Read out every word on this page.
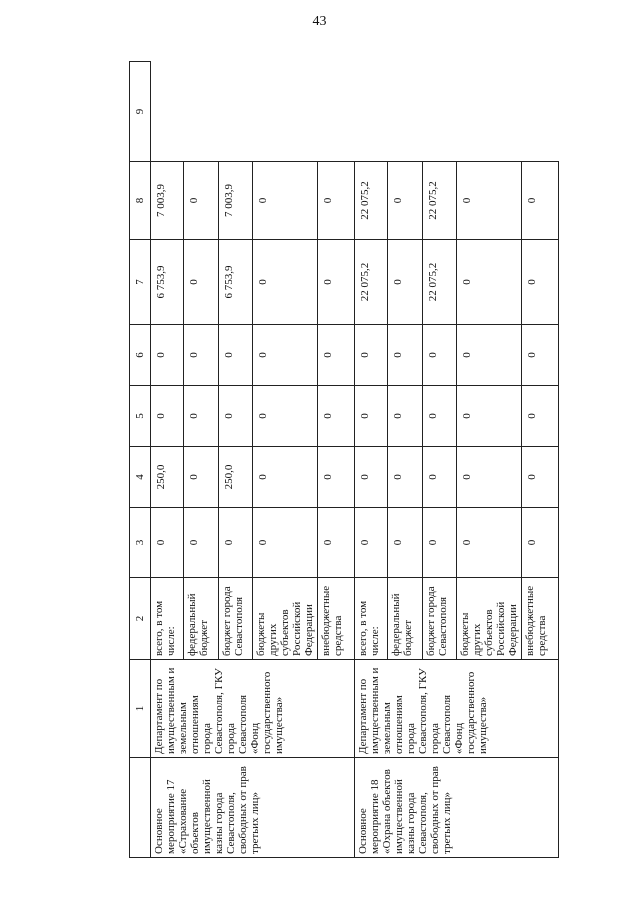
43
	1	2	3	4	5	6	7	8	9
Основное мероприятие 17 «Страхование объектов имущественной казны города Севастополя, свободных от прав третьих лиц»	Департамент по имущественным и земельным отношениям города Севастополя, ГКУ города Севастополя «Фонд государственного имущества»	всего, в том числе:	0	250,0	0	0	6 753,9	7 003,9	
		федеральный бюджет	0	0	0	0	0	0	
		бюджет города Севастополя	0	250,0	0	0	6 753,9	7 003,9	
		бюджеты других субъектов Российской Федерации	0	0	0	0	0	0	
		внебюджетные средства	0	0	0	0	0	0	
Основное мероприятие 18 «Охрана объектов имущественной казны города Севастополя, свободных от прав третьих лиц»	Департамент по имущественным и земельным отношениям города Севастополя, ГКУ города Севастополя «Фонд государственного имущества»	всего, в том числе:	0	0	0	0	22 075,2	22 075,2	
		федеральный бюджет	0	0	0	0	0	0	
		бюджет города Севастополя	0	0	0	0	22 075,2	22 075,2	
		бюджеты других субъектов Российской Федерации	0	0	0	0	0	0	
		внебюджетные средства	0	0	0	0	0	0	
